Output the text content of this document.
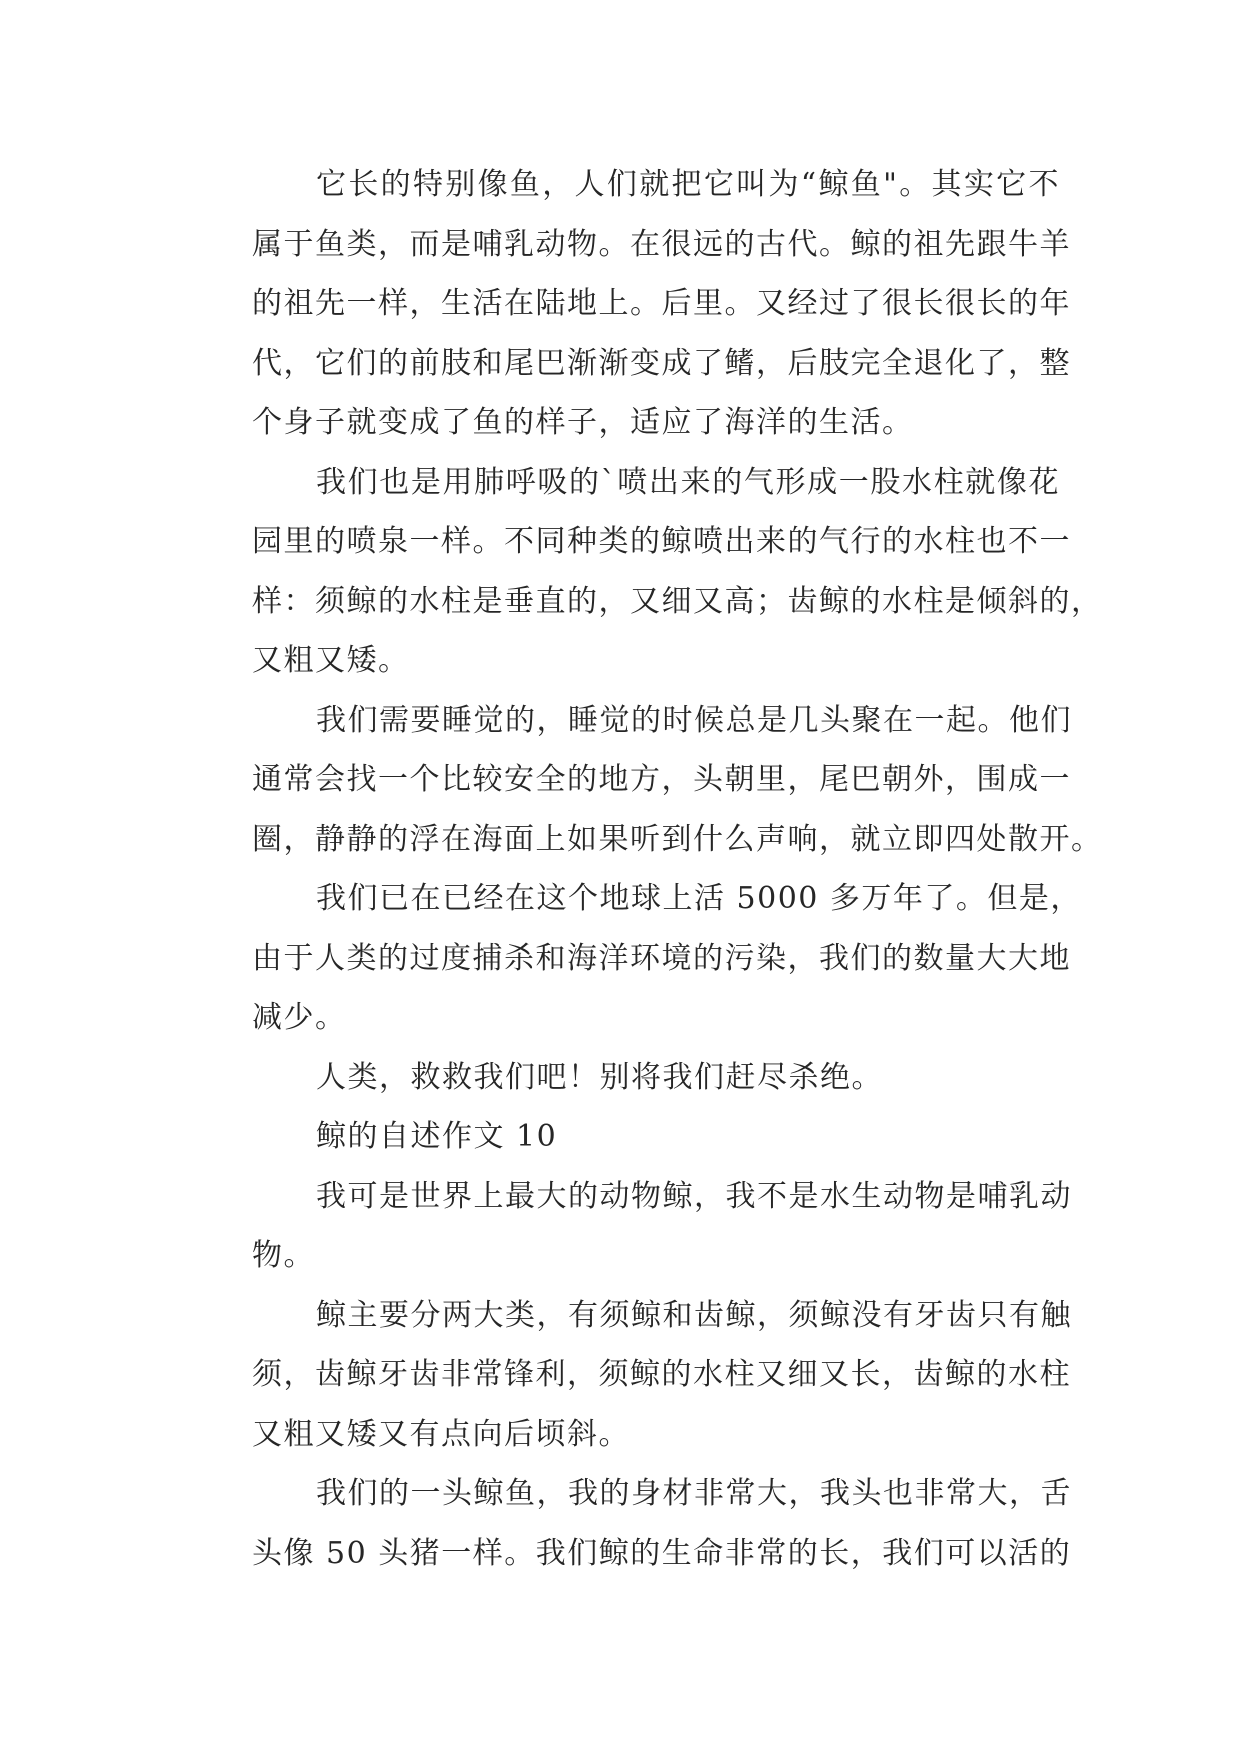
它长的特别像鱼，人们就把它叫为“鲸鱼"。其实它不
属于鱼类，而是哺乳动物。在很远的古代。鲸的祖先跟牛羊
的祖先一样，生活在陆地上。后里。又经过了很长很长的年
代，它们的前肢和尾巴渐渐变成了鳍，后肢完全退化了，整
个身子就变成了鱼的样子，适应了海洋的生活。
我们也是用肺呼吸的`喷出来的气形成一股水柱就像花
园里的喷泉一样。不同种类的鲸喷出来的气行的水柱也不一
样：须鲸的水柱是垂直的，又细又高；齿鲸的水柱是倾斜的，
又粗又矮。
我们需要睡觉的，睡觉的时候总是几头聚在一起。他们
通常会找一个比较安全的地方，头朝里，尾巴朝外，围成一
圈，静静的浮在海面上如果听到什么声响，就立即四处散开。
我们已在已经在这个地球上活 5000 多万年了。但是，
由于人类的过度捕杀和海洋环境的污染，我们的数量大大地
减少。
人类，救救我们吧！别将我们赶尽杀绝。
鲸的自述作文 10
我可是世界上最大的动物鲸，我不是水生动物是哺乳动
物。
鲸主要分两大类，有须鲸和齿鲸，须鲸没有牙齿只有触
须，齿鲸牙齿非常锋利，须鲸的水柱又细又长，齿鲸的水柱
又粗又矮又有点向后顷斜。
我们的一头鲸鱼，我的身材非常大，我头也非常大，舌
头像 50 头猪一样。我们鲸的生命非常的长，我们可以活的
